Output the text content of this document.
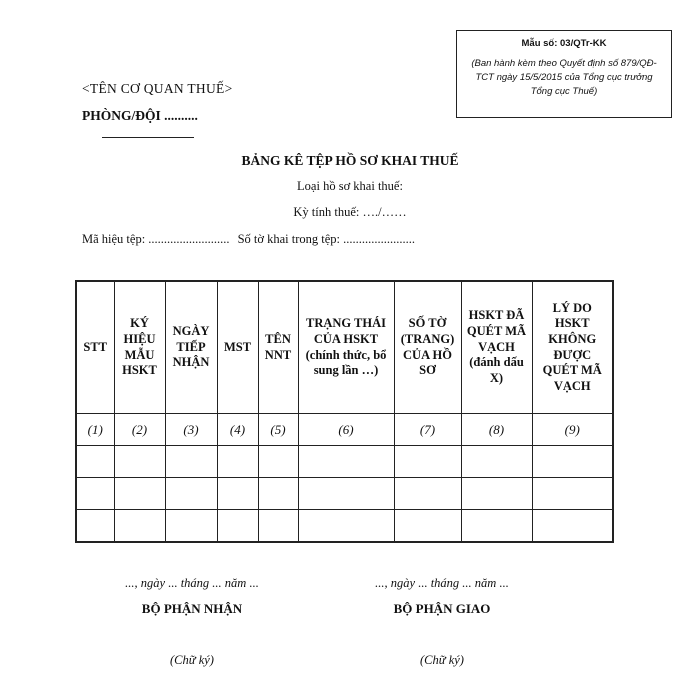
Mẫu số: 03/QTr-KK
(Ban hành kèm theo Quyết định số 879/QĐ-TCT ngày 15/5/2015 của Tổng cục trưởng Tổng cục Thuế)
<TÊN CƠ QUAN THUẾ>
PHÒNG/ĐỘI ..........
BẢNG KÊ TỆP HỒ SƠ KHAI THUẾ
Loại hồ sơ khai thuế:
Kỳ tính thuế: …./……
Mã hiệu tệp: .......................... Số tờ khai trong tệp: .......................
STT	KÝ HIỆU MẪU HSKT	NGÀY TIẾP NHẬN	MST	TÊN NNT	TRẠNG THÁI CỦA HSKT (chính thức, bổ sung lần …)	SỐ TỜ (TRANG) CỦA HỒ SƠ	HSKT ĐÃ QUÉT MÃ VẠCH (đánh dấu X)	LÝ DO HSKT KHÔNG ĐƯỢC QUÉT MÃ VẠCH
(1)	(2)	(3)	(4)	(5)	(6)	(7)	(8)	(9)

..., ngày ... tháng ... năm ...	..., ngày ... tháng ... năm ...
BỘ PHẬN NHẬN	BỘ PHẬN GIAO
(Chữ ký)	(Chữ ký)
